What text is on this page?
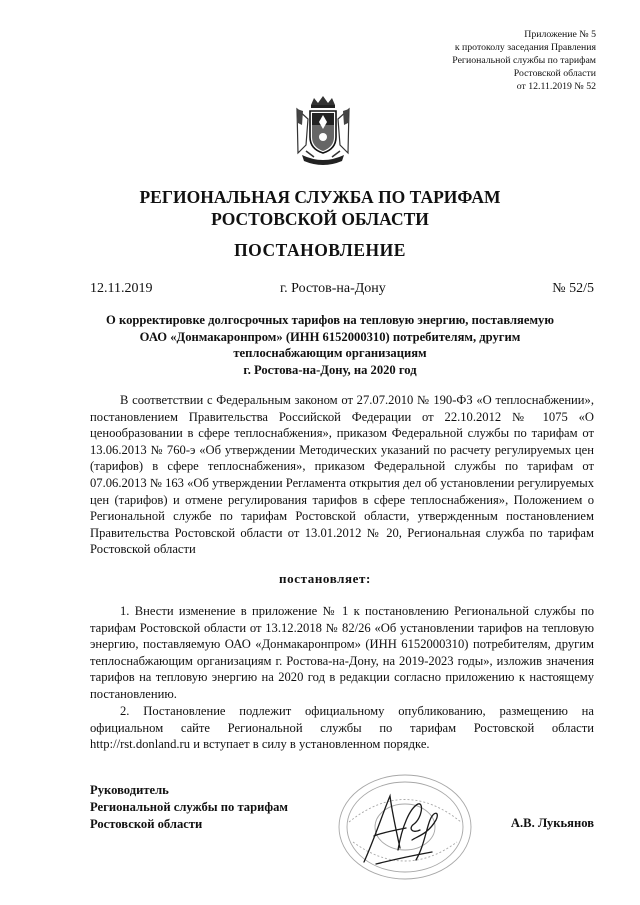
Приложение № 5
к протоколу заседания Правления
Региональной службы по тарифам
Ростовской области
от 12.11.2019 № 52
РЕГИОНАЛЬНАЯ СЛУЖБА ПО ТАРИФАМ
РОСТОВСКОЙ ОБЛАСТИ
ПОСТАНОВЛЕНИЕ
12.11.2019	г. Ростов-на-Дону	№ 52/5
О корректировке долгосрочных тарифов на тепловую энергию, поставляемую
ОАО «Донмакаронпром» (ИНН 6152000310) потребителям, другим
теплоснабжающим организациям
г. Ростова-на-Дону, на 2020 год

В соответствии с Федеральным законом от 27.07.2010 № 190-ФЗ «О теплоснабжении», постановлением Правительства Российской Федерации от 22.10.2012 № 1075 «О ценообразовании в сфере теплоснабжения», приказом Федеральной службы по тарифам от 13.06.2013 № 760-э «Об утверждении Методических указаний по расчету регулируемых цен (тарифов) в сфере теплоснабжения», приказом Федеральной службы по тарифам от 07.06.2013 № 163 «Об утверждении Регламента открытия дел об установлении регулируемых цен (тарифов) и отмене регулирования тарифов в сфере теплоснабжения», Положением о Региональной службе по тарифам Ростовской области, утвержденным постановлением Правительства Ростовской области от 13.01.2012 № 20, Региональная служба по тарифам Ростовской области

постановляет:

1. Внести изменение в приложение № 1 к постановлению Региональной службы по тарифам Ростовской области от 13.12.2018 № 82/26 «Об установлении тарифов на тепловую энергию, поставляемую ОАО «Донмакаронпром» (ИНН 6152000310) потребителям, другим теплоснабжающим организациям г. Ростова-на-Дону, на 2019-2023 годы», изложив значения тарифов на тепловую энергию на 2020 год в редакции согласно приложению к настоящему постановлению.

2. Постановление подлежит официальному опубликованию, размещению на официальном сайте Региональной службы по тарифам Ростовской области http://rst.donland.ru и вступает в силу в установленном порядке.

Руководитель
Региональной службы по тарифам
Ростовской области	А.В. Лукьянов
